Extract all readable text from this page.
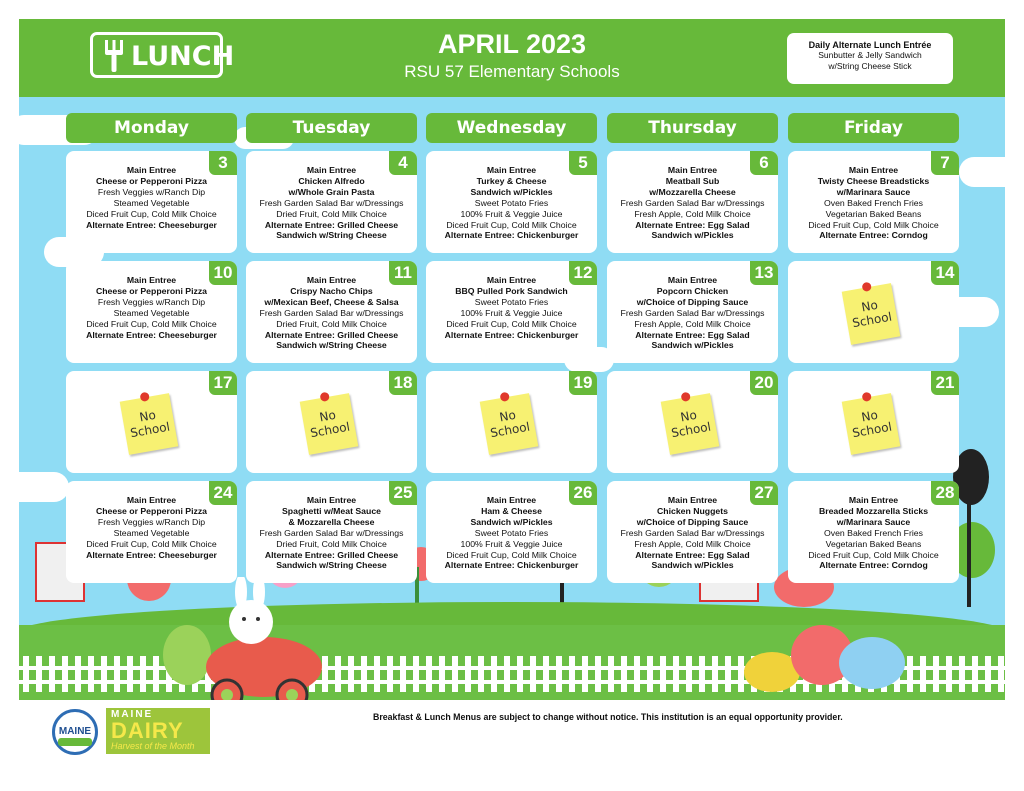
LUNCH	APRIL 2023
RSU 57 Elementary Schools
Daily Alternate Lunch Entrée
Sunbutter & Jelly Sandwich
w/String Cheese Stick
Monday	Tuesday	Wednesday	Thursday	Friday
3
Main Entree
Cheese or Pepperoni Pizza
Fresh Veggies w/Ranch Dip
Steamed Vegetable
Diced Fruit Cup, Cold Milk Choice
Alternate Entree: Cheeseburger
4
Main Entree
Chicken Alfredo
w/Whole Grain Pasta
Fresh Garden Salad Bar w/Dressings
Dried Fruit, Cold Milk Choice
Alternate Entree: Grilled Cheese
Sandwich w/String Cheese
5
Main Entree
Turkey & Cheese
Sandwich w/Pickles
Sweet Potato Fries
100% Fruit & Veggie Juice
Diced Fruit Cup, Cold Milk Choice
Alternate Entree: Chickenburger
6
Main Entree
Meatball Sub
w/Mozzarella Cheese
Fresh Garden Salad Bar w/Dressings
Fresh Apple, Cold Milk Choice
Alternate Entree: Egg Salad
Sandwich w/Pickles
7
Main Entree
Twisty Cheese Breadsticks
w/Marinara Sauce
Oven Baked French Fries
Vegetarian Baked Beans
Diced Fruit Cup, Cold Milk Choice
Alternate Entree: Corndog
10
Main Entree
Cheese or Pepperoni Pizza
Fresh Veggies w/Ranch Dip
Steamed Vegetable
Diced Fruit Cup, Cold Milk Choice
Alternate Entree: Cheeseburger
11
Main Entree
Crispy Nacho Chips
w/Mexican Beef, Cheese & Salsa
Fresh Garden Salad Bar w/Dressings
Dried Fruit, Cold Milk Choice
Alternate Entree: Grilled Cheese
Sandwich w/String Cheese
12
Main Entree
BBQ Pulled Pork Sandwich
Sweet Potato Fries
100% Fruit & Veggie Juice
Diced Fruit Cup, Cold Milk Choice
Alternate Entree: Chickenburger
13
Main Entree
Popcorn Chicken
w/Choice of Dipping Sauce
Fresh Garden Salad Bar w/Dressings
Fresh Apple, Cold Milk Choice
Alternate Entree: Egg Salad
Sandwich w/Pickles
14
No
School
17
No
School
18
No
School
19
No
School
20
No
School
21
No
School
24
Main Entree
Cheese or Pepperoni Pizza
Fresh Veggies w/Ranch Dip
Steamed Vegetable
Diced Fruit Cup, Cold Milk Choice
Alternate Entree: Cheeseburger
25
Main Entree
Spaghetti w/Meat Sauce
& Mozzarella Cheese
Fresh Garden Salad Bar w/Dressings
Dried Fruit, Cold Milk Choice
Alternate Entree: Grilled Cheese
Sandwich w/String Cheese
26
Main Entree
Ham & Cheese
Sandwich w/Pickles
Sweet Potato Fries
100% Fruit & Veggie Juice
Diced Fruit Cup, Cold Milk Choice
Alternate Entree: Chickenburger
27
Main Entree
Chicken Nuggets
w/Choice of Dipping Sauce
Fresh Garden Salad Bar w/Dressings
Fresh Apple, Cold Milk Choice
Alternate Entree: Egg Salad
Sandwich w/Pickles
28
Main Entree
Breaded Mozzarella Sticks
w/Marinara Sauce
Oven Baked French Fries
Vegetarian Baked Beans
Diced Fruit Cup, Cold Milk Choice
Alternate Entree: Corndog
MAINE
MAINE
DAIRY
Harvest of the Month
Breakfast & Lunch Menus are subject to change without notice. This institution is an equal opportunity provider.
